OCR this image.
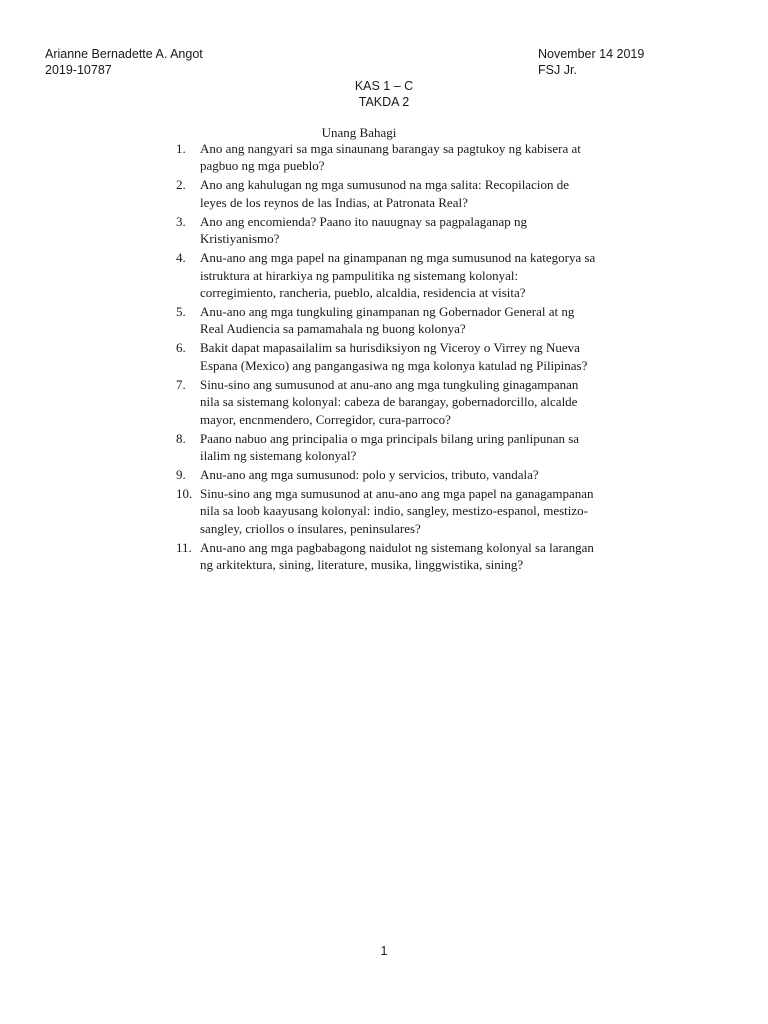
Arianne Bernadette A. Angot
2019-10787
November 14 2019
FSJ Jr.
KAS 1 – C
TAKDA 2
Unang Bahagi
1.	Ano ang nangyari sa mga sinaunang barangay sa pagtukoy ng kabisera at pagbuo ng mga pueblo?
2.	Ano ang kahulugan ng mga sumusunod na mga salita: Recopilacion de leyes de los reynos de las Indias, at Patronata Real?
3.	Ano ang encomienda? Paano ito nauugnay sa pagpalaganap ng Kristiyanismo?
4.	Anu-ano ang mga papel na ginampanan ng mga sumusunod na kategorya sa istruktura at hirarkiya ng pampulitika ng sistemang kolonyal: corregimiento, rancheria, pueblo, alcaldia, residencia at visita?
5.	Anu-ano ang mga tungkuling ginampanan ng Gobernador General at ng Real Audiencia sa pamamahala ng buong kolonya?
6.	Bakit dapat mapasailalim sa hurisdiksiyon ng Viceroy o Virrey ng Nueva Espana (Mexico) ang pangangasiwa ng mga kolonya katulad ng Pilipinas?
7.	Sinu-sino ang sumusunod at anu-ano ang mga tungkuling ginagampanan nila sa sistemang kolonyal: cabeza de barangay, gobernadorcillo, alcalde mayor, encnmendero, Corregidor, cura-parroco?
8.	Paano nabuo ang principalia o mga principals bilang uring panlipunan sa ilalim ng sistemang kolonyal?
9.	Anu-ano ang mga sumusunod: polo y servicios, tributo, vandala?
10. Sinu-sino ang mga sumusunod at anu-ano ang mga papel na ganagampanan nila sa loob kaayusang kolonyal: indio, sangley, mestizo-espanol, mestizo-sangley, criollos o insulares, peninsulares?
11. Anu-ano ang mga pagbabagong naidulot ng sistemang kolonyal sa larangan ng arkitektura, sining, literature, musika, linggwistika, sining?
1
